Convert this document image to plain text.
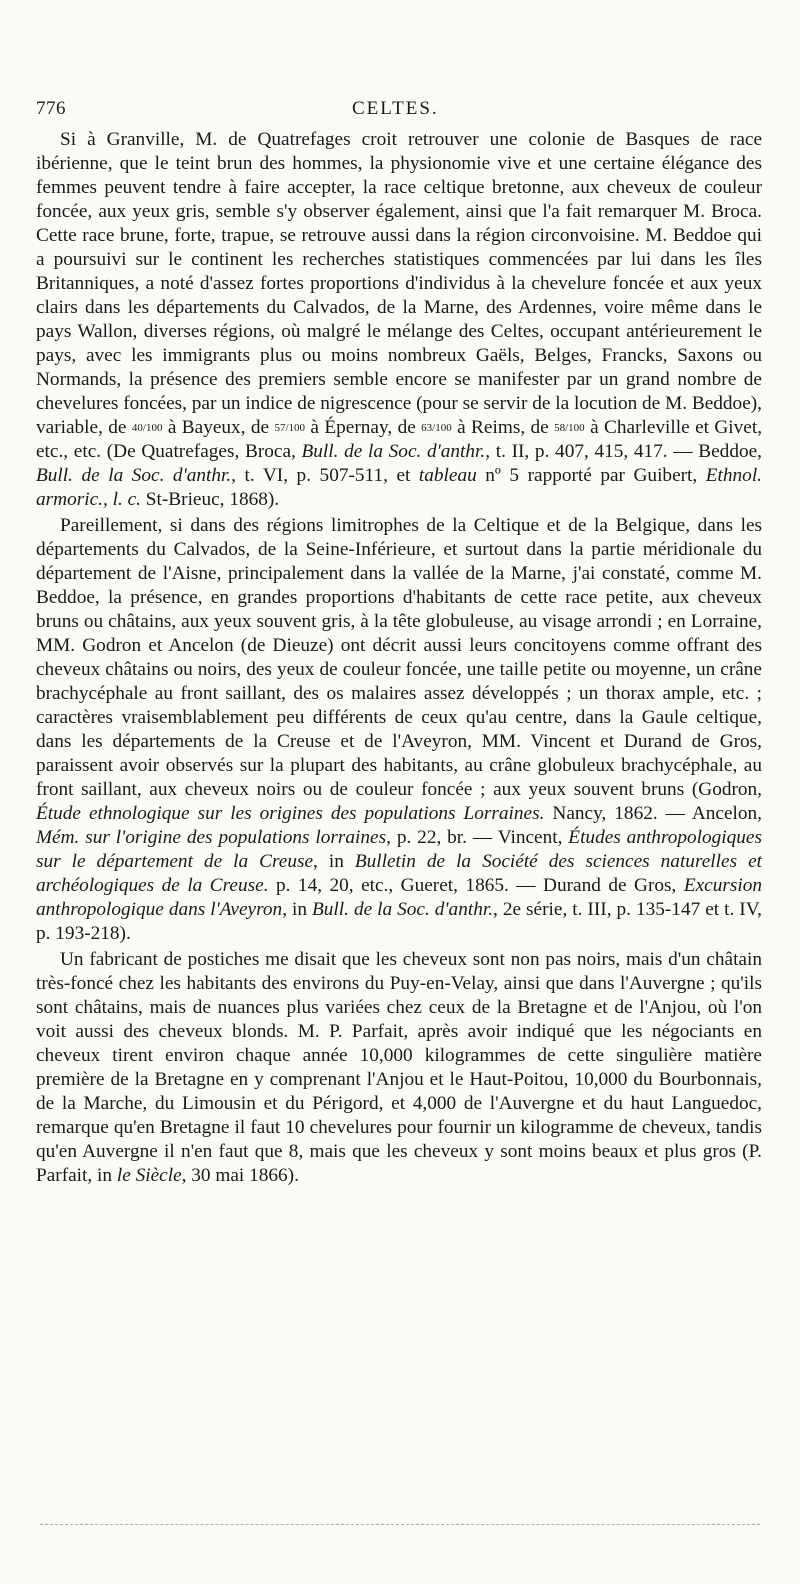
776	CELTES.

Si à Granville, M. de Quatrefages croit retrouver une colonie de Basques de race ibérienne, que le teint brun des hommes, la physionomie vive et une certaine élégance des femmes peuvent tendre à faire accepter, la race celtique bretonne, aux cheveux de couleur foncée, aux yeux gris, semble s'y observer également, ainsi que l'a fait remarquer M. Broca. Cette race brune, forte, trapue, se retrouve aussi dans la région circonvoisine. M. Beddoe qui a poursuivi sur le continent les recherches statistiques commencées par lui dans les îles Britanniques, a noté d'assez fortes proportions d'individus à la chevelure foncée et aux yeux clairs dans les départements du Calvados, de la Marne, des Ardennes, voire même dans le pays Wallon, diverses régions, où malgré le mélange des Celtes, occupant antérieurement le pays, avec les immigrants plus ou moins nombreux Gaëls, Belges, Francks, Saxons ou Normands, la présence des premiers semble encore se manifester par un grand nombre de chevelures foncées, par un indice de nigrescence (pour se servir de la locution de M. Beddoe), variable, de 40/100 à Bayeux, de 57/100 à Épernay, de 63/100 à Reims, de 58/100 à Charleville et Givet, etc., etc. (De Quatrefages, Broca, Bull. de la Soc. d'anthr., t. II, p. 407, 415, 417. — Beddoe, Bull. de la Soc. d'anthr., t. VI, p. 507-511, et tableau nº 5 rapporté par Guibert, Ethnol. armoric., l. c. St-Brieuc, 1868).

Pareillement, si dans des régions limitrophes de la Celtique et de la Belgique, dans les départements du Calvados, de la Seine-Inférieure, et surtout dans la partie méridionale du département de l'Aisne, principalement dans la vallée de la Marne, j'ai constaté, comme M. Beddoe, la présence, en grandes proportions d'habitants de cette race petite, aux cheveux bruns ou châtains, aux yeux souvent gris, à la tête globuleuse, au visage arrondi ; en Lorraine, MM. Godron et Ancelon (de Dieuze) ont décrit aussi leurs concitoyens comme offrant des cheveux châtains ou noirs, des yeux de couleur foncée, une taille petite ou moyenne, un crâne brachycéphale au front saillant, des os malaires assez développés ; un thorax ample, etc. ; caractères vraisemblablement peu différents de ceux qu'au centre, dans la Gaule celtique, dans les départements de la Creuse et de l'Aveyron, MM. Vincent et Durand de Gros, paraissent avoir observés sur la plupart des habitants, au crâne globuleux brachycéphale, au front saillant, aux cheveux noirs ou de couleur foncée ; aux yeux souvent bruns (Godron, Étude ethnologique sur les origines des populations Lorraines. Nancy, 1862. — Ancelon, Mém. sur l'origine des populations lorraines, p. 22, br. — Vincent, Études anthropologiques sur le département de la Creuse, in Bulletin de la Société des sciences naturelles et archéologiques de la Creuse. p. 14, 20, etc., Gueret, 1865. — Durand de Gros, Excursion anthropologique dans l'Aveyron, in Bull. de la Soc. d'anthr., 2e série, t. III, p. 135-147 et t. IV, p. 193-218).

Un fabricant de postiches me disait que les cheveux sont non pas noirs, mais d'un châtain très-foncé chez les habitants des environs du Puy-en-Velay, ainsi que dans l'Auvergne ; qu'ils sont châtains, mais de nuances plus variées chez ceux de la Bretagne et de l'Anjou, où l'on voit aussi des cheveux blonds. M. P. Parfait, après avoir indiqué que les négociants en cheveux tirent environ chaque année 10,000 kilogrammes de cette singulière matière première de la Bretagne en y comprenant l'Anjou et le Haut-Poitou, 10,000 du Bourbonnais, de la Marche, du Limousin et du Périgord, et 4,000 de l'Auvergne et du haut Languedoc, remarque qu'en Bretagne il faut 10 chevelures pour fournir un kilogramme de cheveux, tandis qu'en Auvergne il n'en faut que 8, mais que les cheveux y sont moins beaux et plus gros (P. Parfait, in le Siècle, 30 mai 1866).
